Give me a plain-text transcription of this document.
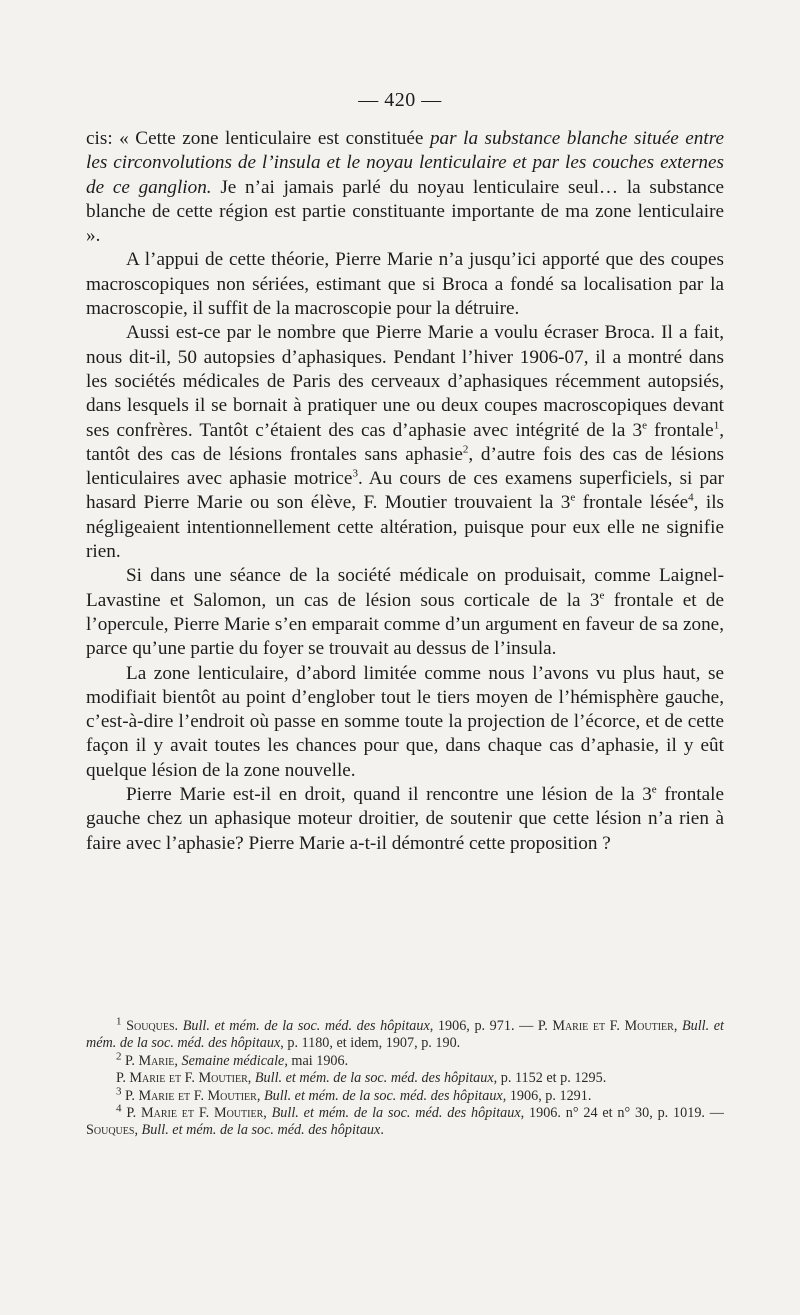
— 420 —

cis: « Cette zone lenticulaire est constituée par la substance blanche située entre les circonvolutions de l’insula et le noyau lenticulaire et par les couches externes de ce ganglion. Je n’ai jamais parlé du noyau lenticulaire seul… la substance blanche de cette région est partie constituante importante de ma zone lenticulaire ».

A l’appui de cette théorie, Pierre Marie n’a jusqu’ici apporté que des coupes macroscopiques non sériées, estimant que si Broca a fondé sa localisation par la macroscopie, il suffit de la macroscopie pour la détruire.

Aussi est-ce par le nombre que Pierre Marie a voulu écraser Broca. Il a fait, nous dit-il, 50 autopsies d’aphasiques. Pendant l’hiver 1906-07, il a montré dans les sociétés médicales de Paris des cerveaux d’aphasiques récemment autopsiés, dans lesquels il se bornait à pratiquer une ou deux coupes macroscopiques devant ses confrères. Tantôt c’étaient des cas d’aphasie avec intégrité de la 3e frontale$^1$, tantôt des cas de lésions frontales sans aphasie$^2$, d’autre fois des cas de lésions lenticulaires avec aphasie motrice$^3$. Au cours de ces examens superficiels, si par hasard Pierre Marie ou son élève, F. Moutier trouvaient la 3e frontale lésée$^4$, ils négligeaient intentionnellement cette altération, puisque pour eux elle ne signifie rien.

Si dans une séance de la société médicale on produisait, comme Laignel-Lavastine et Salomon, un cas de lésion sous corticale de la 3e frontale et de l’opercule, Pierre Marie s’en emparait comme d’un argument en faveur de sa zone, parce qu’une partie du foyer se trouvait au dessus de l’insula.

La zone lenticulaire, d’abord limitée comme nous l’avons vu plus haut, se modifiait bientôt au point d’englober tout le tiers moyen de l’hémisphère gauche, c’est-à-dire l’endroit où passe en somme toute la projection de l’écorce, et de cette façon il y avait toutes les chances pour que, dans chaque cas d’aphasie, il y eût quelque lésion de la zone nouvelle.

Pierre Marie est-il en droit, quand il rencontre une lésion de la 3e frontale gauche chez un aphasique moteur droitier, de soutenir que cette lésion n’a rien à faire avec l’aphasie? Pierre Marie a-t-il démontré cette proposition ?

$^1$ Souques. Bull. et mém. de la soc. méd. des hôpitaux, 1906, p. 971. — P. Marie et F. Moutier, Bull. et mém. de la soc. méd. des hôpitaux, p. 1180, et idem, 1907, p. 190.

$^2$ P. Marie, Semaine médicale, mai 1906.

P. Marie et F. Moutier, Bull. et mém. de la soc. méd. des hôpitaux, p. 1152 et p. 1295.

$^3$ P. Marie et F. Moutier, Bull. et mém. de la soc. méd. des hôpitaux, 1906, p. 1291.

$^4$ P. Marie et F. Moutier, Bull. et mém. de la soc. méd. des hôpitaux, 1906. n° 24 et n° 30, p. 1019. — Souques, Bull. et mém. de la soc. méd. des hôpitaux.
